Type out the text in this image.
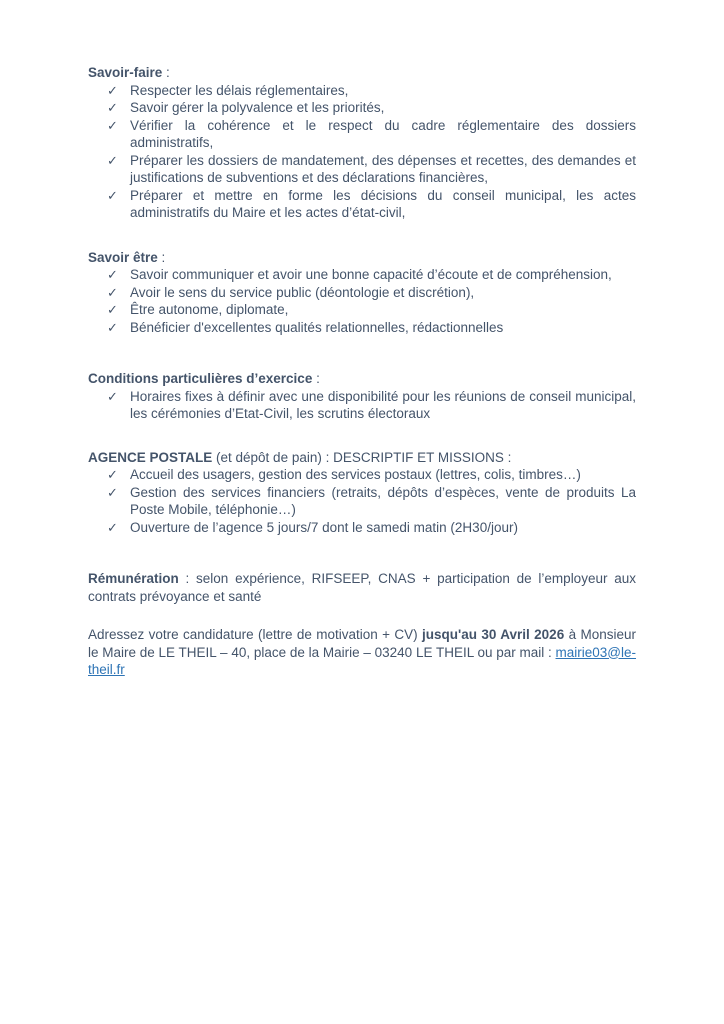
Savoir-faire :

✓ Respecter les délais réglementaires,
✓ Savoir gérer la polyvalence et les priorités,
✓ Vérifier la cohérence et le respect du cadre réglementaire des dossiers administratifs,
✓ Préparer les dossiers de mandatement, des dépenses et recettes, des demandes et justifications de subventions et des déclarations financières,
✓ Préparer et mettre en forme les décisions du conseil municipal, les actes administratifs du Maire et les actes d’état-civil,

Savoir être :

✓ Savoir communiquer et avoir une bonne capacité d’écoute et de compréhension,
✓ Avoir le sens du service public (déontologie et discrétion),
✓ Être autonome, diplomate,
✓ Bénéficier d'excellentes qualités relationnelles, rédactionnelles

Conditions particulières d’exercice :

✓ Horaires fixes à définir avec une disponibilité pour les réunions de conseil municipal, les cérémonies d’Etat-Civil, les scrutins électoraux

AGENCE POSTALE (et dépôt de pain) : DESCRIPTIF ET MISSIONS :

✓ Accueil des usagers, gestion des services postaux (lettres, colis, timbres…)
✓ Gestion des services financiers (retraits, dépôts d’espèces, vente de produits La Poste Mobile, téléphonie…)
✓ Ouverture de l’agence 5 jours/7 dont le samedi matin (2H30/jour)

Rémunération : selon expérience, RIFSEEP, CNAS + participation de l’employeur aux contrats prévoyance et santé

Adressez votre candidature (lettre de motivation + CV) jusqu'au 30 Avril 2026 à Monsieur le Maire de LE THEIL – 40, place de la Mairie – 03240 LE THEIL ou par mail : mairie03@le-theil.fr
